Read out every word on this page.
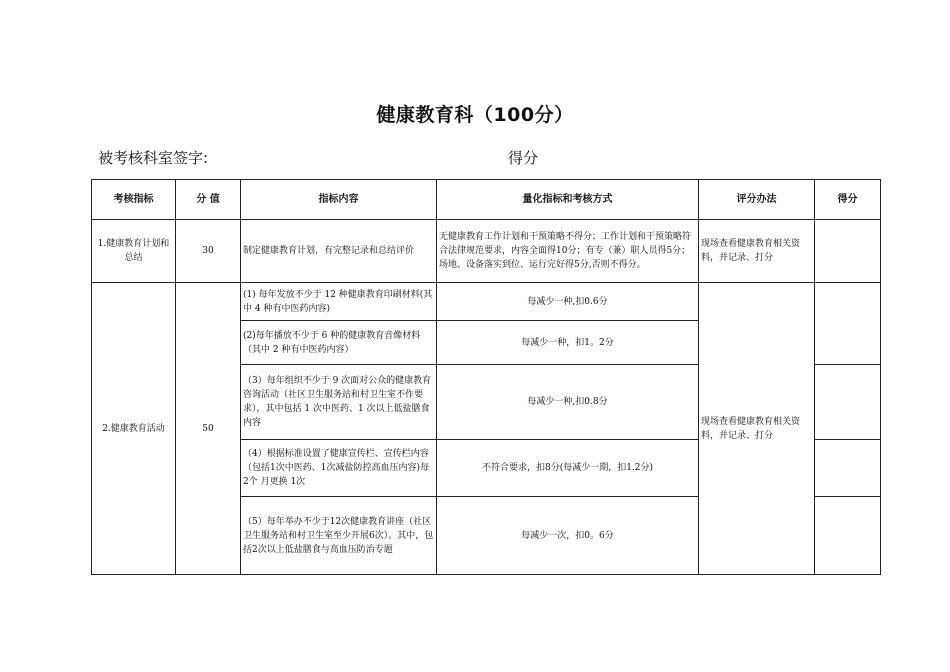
健康教育科（100分）
被考核科室签字:	得分
考核指标	分 值	指标内容	量化指标和考核方式	评分办法	得分
1.健康教育计划和总结	30	制定健康教育计划，有完整记录和总结评价	无健康教育工作计划和干预策略不得分；工作计划和干预策略符合法律规范要求，内容全面得10分；有专（兼）职人员得5分； 场地、设备落实到位、运行完好得5分,否则不得分。	现场查看健康教育相关资料，并记录、打分	
2.健康教育活动	50	(1) 每年发放不少于 12 种健康教育印刷材料(其中 4 种有中医药内容)	每减少一种,扣0.6分	现场查看健康教育相关资料，并记录、打分	
		(2)每年播放不少于 6 种的健康教育音像材料（其中 2 种有中医药内容）	每减少一种，扣1。2分		
		（3）每年组织不少于 9 次面对公众的健康教育咨询活动（社区卫生服务站和村卫生室不作要求），其中包括 1 次中医药、1 次以上低盐膳食内容	每减少一种,扣0.8分		
		（4）根据标准设置了健康宣传栏、宣传栏内容（包括1次中医药、1次减盐防控高血压内容)每2个 月更换 1次	不符合要求，扣8分(每减少一期，扣1.2分)		
		（5）每年举办不少于12次健康教育讲座（社区卫生服务站和村卫生室至少开展6次）。其中，包括2次以上低盐膳食与高血压防治专题	每减少一次，扣0。6分		
